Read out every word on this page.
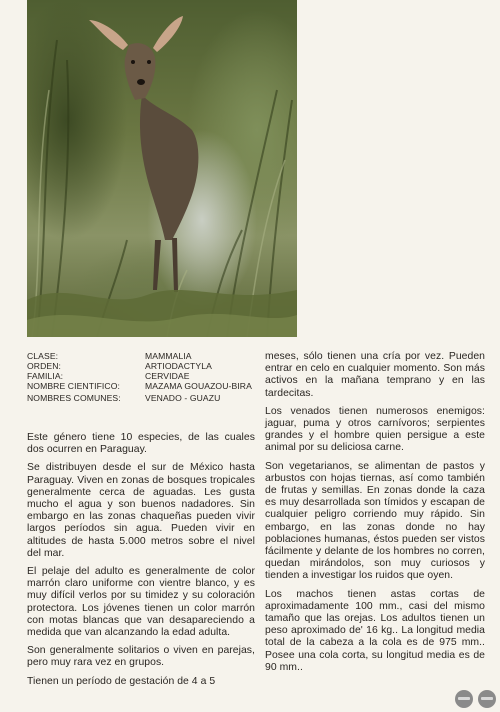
CLASE:	MAMMALIA
ORDEN:	ARTIODACTYLA
FAMILIA:	CERVIDAE
NOMBRE CIENTIFICO:	MAZAMA GOUAZOU-BIRA
NOMBRES COMUNES:	VENADO - GUAZU

Este género tiene 10 especies, de las cuales dos ocurren en Paraguay.

Se distribuyen desde el sur de México hasta Paraguay. Viven en zonas de bosques tropicales generalmente cerca de aguadas. Les gusta mucho el agua y son buenos nadadores. Sin embargo en las zonas chaqueñas pueden vivir largos períodos sin agua. Pueden vivir en altitudes de hasta 5.000 metros sobre el nivel del mar.

El pelaje del adulto es generalmente de color marrón claro uniforme con vientre blanco, y es muy difícil verlos por su timidez y su coloración protectora. Los jóvenes tienen un color marrón con motas blancas que van desapareciendo a medida que van alcanzando la edad adulta.

Son generalmente solitarios o viven en parejas, pero muy rara vez en grupos.

Tienen un período de gestación de 4 a 5

meses, sólo tienen una cría por vez. Pueden entrar en celo en cualquier momento. Son más activos en la mañana temprano y en las tardecitas.

Los venados tienen numerosos enemigos: jaguar, puma y otros carnívoros; serpientes grandes y el hombre quien persigue a este animal por su deliciosa carne.

Son vegetarianos, se alimentan de pastos y arbustos con hojas tiernas, así como también de frutas y semillas. En zonas donde la caza es muy desarrollada son tímidos y escapan de cualquier peligro corriendo muy rápido. Sin embargo, en las zonas donde no hay poblaciones humanas, éstos pueden ser vistos fácilmente y delante de los hombres no corren, quedan mirándolos, son muy curiosos y tienden a investigar los ruidos que oyen.

Los machos tienen astas cortas de aproximadamente 100 mm., casi del mismo tamaño que las orejas. Los adultos tienen un peso aproximado de' 16 kg.. La longitud media total de la cabeza a la cola es de 975 mm.. Posee una cola corta, su longitud media es de 90 mm..
